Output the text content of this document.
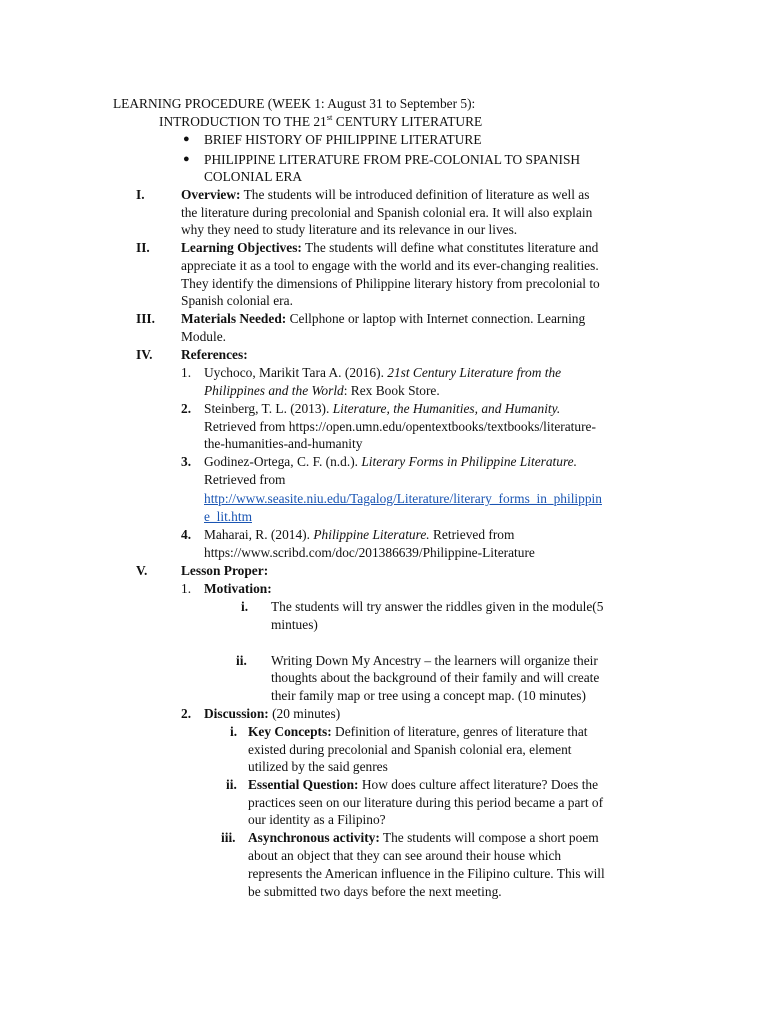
LEARNING PROCEDURE (WEEK 1: August 31 to September 5):
INTRODUCTION TO THE 21st CENTURY LITERATURE
● BRIEF HISTORY OF PHILIPPINE LITERATURE
● PHILIPPINE LITERATURE FROM PRE-COLONIAL TO SPANISH
COLONIAL ERA
I.	Overview: The students will be introduced definition of literature as well as
the literature during precolonial and Spanish colonial era. It will also explain
why they need to study literature and its relevance in our lives.
II. Learning Objectives: The students will define what constitutes literature and
appreciate it as a tool to engage with the world and its ever-changing realities.
They identify the dimensions of Philippine literary history from precolonial to
Spanish colonial era.
III. Materials Needed: Cellphone or laptop with Internet connection. Learning
Module.
IV. References:
1. Uychoco, Marikit Tara A. (2016). 21st Century Literature from the
Philippines and the World: Rex Book Store.
2. Steinberg, T. L. (2013). Literature, the Humanities, and Humanity.
Retrieved from https://open.umn.edu/opentextbooks/textbooks/literature-
the-humanities-and-humanity
3. Godinez-Ortega, C. F. (n.d.). Literary Forms in Philippine Literature.
Retrieved from
http://www.seasite.niu.edu/Tagalog/Literature/literary_forms_in_philippin
e_lit.htm
4. Maharai, R. (2014). Philippine Literature. Retrieved from
https://www.scribd.com/doc/201386639/Philippine-Literature
V.	Lesson Proper:
1. Motivation:
i. The students will try answer the riddles given in the module(5
mintues)
ii. Writing Down My Ancestry – the learners will organize their
thoughts about the background of their family and will create
their family map or tree using a concept map. (10 minutes)
2. Discussion: (20 minutes)
i. Key Concepts: Definition of literature, genres of literature that
existed during precolonial and Spanish colonial era, element
utilized by the said genres
ii. Essential Question: How does culture affect literature? Does the
practices seen on our literature during this period became a part of
our identity as a Filipino?
iii. Asynchronous activity: The students will compose a short poem
about an object that they can see around their house which
represents the American influence in the Filipino culture. This will
be submitted two days before the next meeting.
